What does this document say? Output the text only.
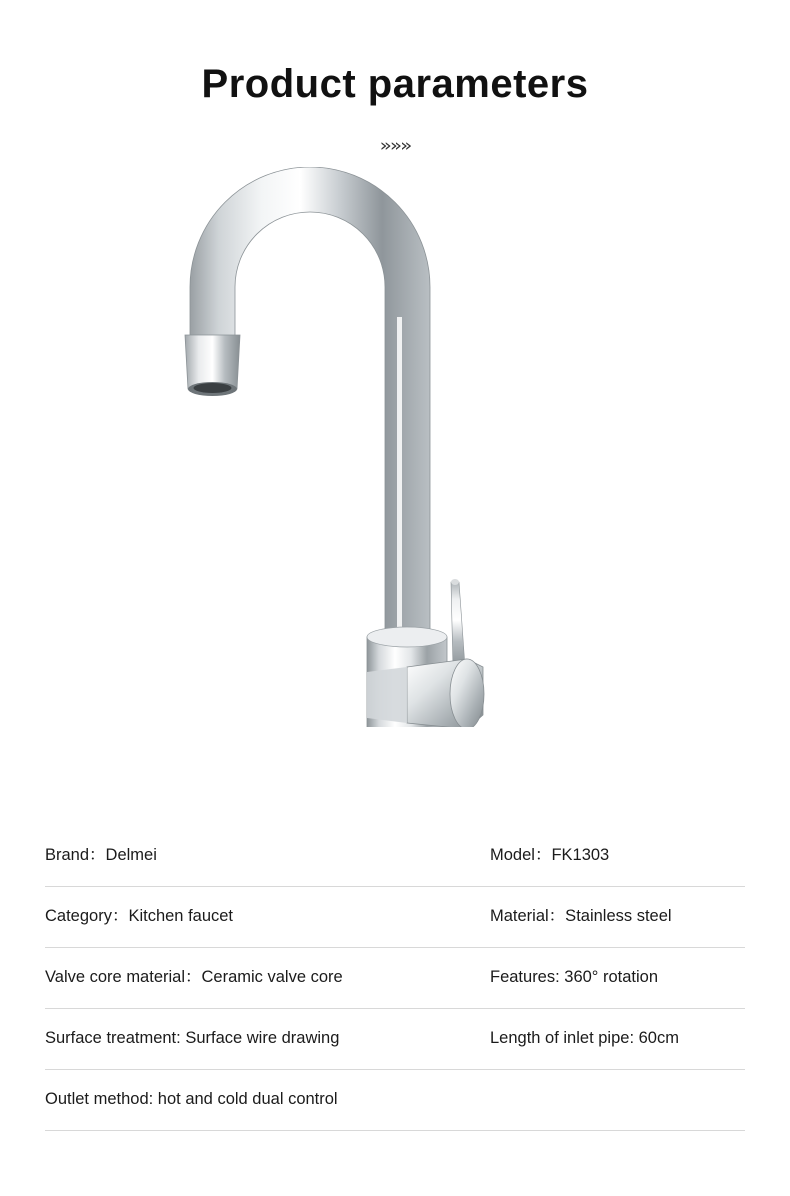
Product parameters
»»»
Brand：Delmei	Model：FK1303
Category：Kitchen faucet	Material：Stainless steel
Valve core material：Ceramic valve core	Features: 360° rotation
Surface treatment: Surface wire drawing	Length of inlet pipe: 60cm
Outlet method: hot and cold dual control
